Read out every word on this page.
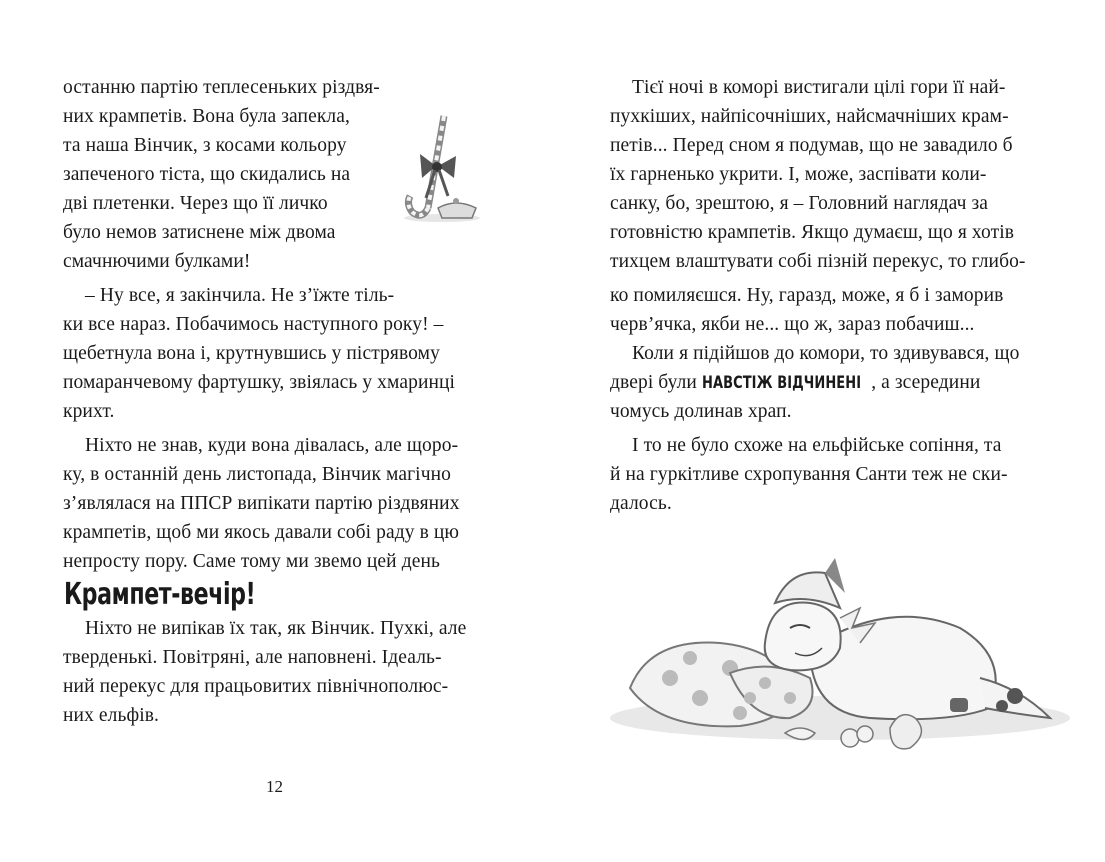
останню партію теплесеньких різдвя-
них крампетів. Вона була запекла,
та наша Вінчик, з косами кольору
запеченого тіста, що скидались на
дві плетенки. Через що її личко
було немов затиснене між двома
смачнючими булками!
– Ну все, я закінчила. Не з’їжте тіль-
ки все нараз. Побачимось наступного року! –
щебетнула вона і, крутнувшись у пістрявому
помаранчевому фартушку, звіялась у хмаринці
крихт.
Ніхто не знав, куди вона дівалась, але щоро-
ку, в останній день листопада, Вінчик магічно
з’являлася на ППСР випікати партію різдвяних
крампетів, щоб ми якось давали собі раду в цю
непросту пору. Саме тому ми звемо цей день
Крампет-вечір!
Ніхто не випікав їх так, як Вінчик. Пухкі, але
тверденькі. Повітряні, але наповнені. Ідеаль-
ний перекус для працьовитих північнополюс-
них ельфів.
12
Тієї ночі в коморі вистигали цілі гори її най-
пухкіших, найпісочніших, найсмачніших крам-
петів... Перед сном я подумав, що не завадило б
їх гарненько укрити. І, може, заспівати коли-
санку, бо, зрештою, я – Головний наглядач за
готовністю крампетів. Якщо думаєш, що я хотів
тихцем влаштувати собі пізній перекус, то глибо-
ко помиляєшся. Ну, гаразд, може, я б і заморив
черв’ячка, якби не... що ж, зараз побачиш...
Коли я підійшов до комори, то здивувався, що
двері були НАВСТІЖ ВІДЧИНЕНІ , а зсередини
чомусь долинав храп.
І то не було схоже на ельфійське сопіння, та
й на гуркітливе схропування Санти теж не ски-
далось.
